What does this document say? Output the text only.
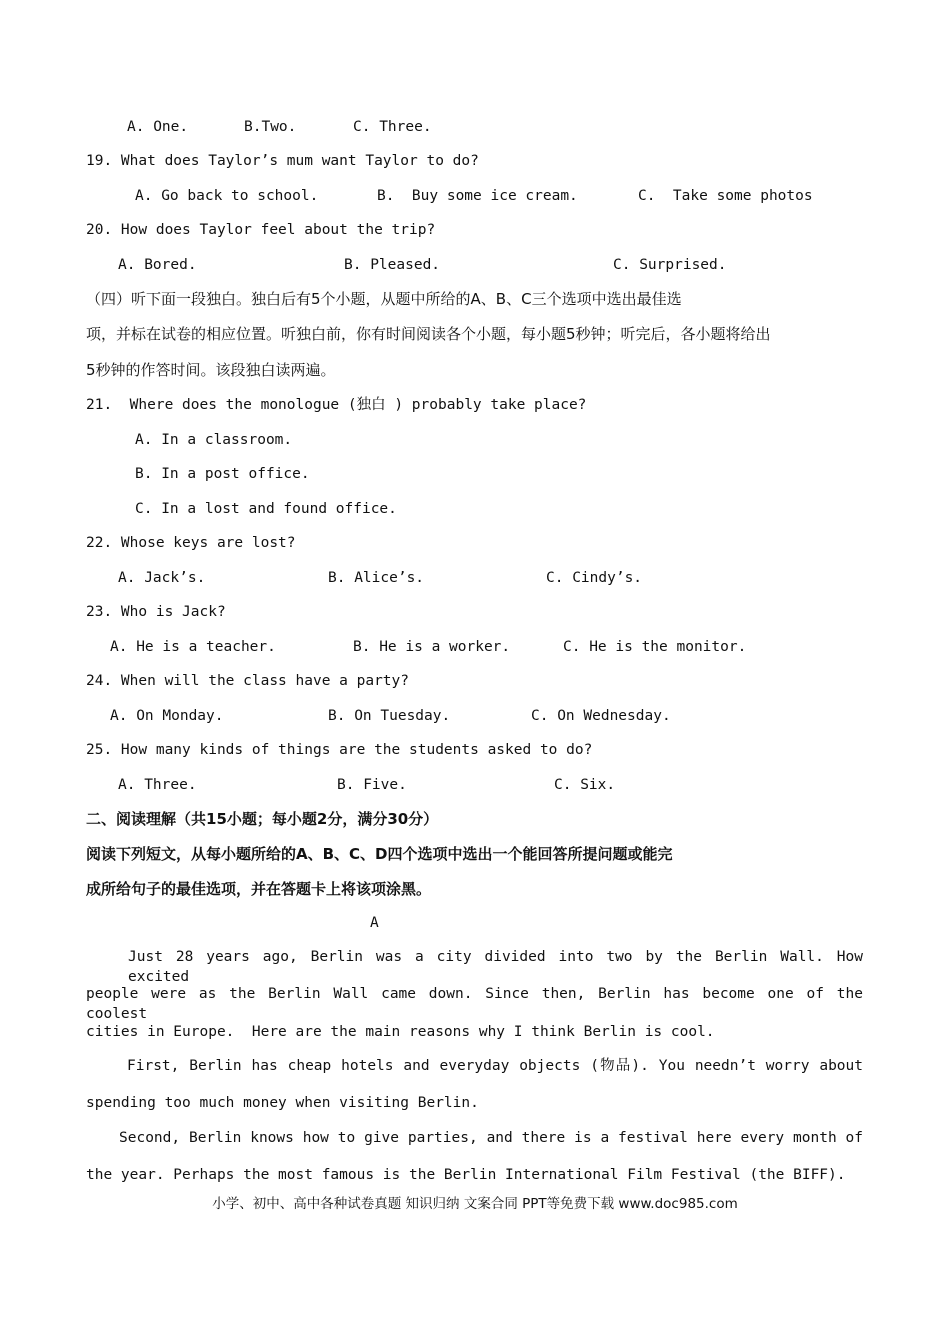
A. One.	B.Two.	C. Three.
19. What does Taylor’s mum want Taylor to do?
A. Go back to school.	B.  Buy some ice cream.	C.  Take some photos
20. How does Taylor feel about the trip?
A. Bored.	B. Pleased.	C. Surprised.
（四）听下面一段独白。独白后有5个小题，从题中所给的A、B、C三个选项中选出最佳选
项，并标在试卷的相应位置。听独白前，你有时间阅读各个小题，每小题5秒钟；听完后，各小题将给出
5秒钟的作答时间。该段独白读两遍。
21.  Where does the monologue (独白 ) probably take place?
A. In a classroom.
B. In a post office.
C. In a lost and found office.
22. Whose keys are lost?
A. Jack’s.	B. Alice’s.	C. Cindy’s.
23. Who is Jack?
A. He is a teacher.	B. He is a worker.	C. He is the monitor.
24. When will the class have a party?
A. On Monday.	B. On Tuesday.	C. On Wednesday.
25. How many kinds of things are the students asked to do?
A. Three.	B. Five.	C. Six.
二、阅读理解（共15小题；每小题2分，满分30分）
阅读下列短文，从每小题所给的A、B、C、D四个选项中选出一个能回答所提问题或能完
成所给句子的最佳选项，并在答题卡上将该项涂黑。
A
Just 28 years ago, Berlin was a city divided into two by the Berlin Wall. How excited
people were as the Berlin Wall came down. Since then, Berlin has become one of the coolest
cities in Europe.  Here are the main reasons why I think Berlin is cool.
First, Berlin has cheap hotels and everyday objects (物品). You needn’t worry about
spending too much money when visiting Berlin.
Second, Berlin knows how to give parties, and there is a festival here every month of
the year. Perhaps the most famous is the Berlin International Film Festival (the BIFF).
小学、初中、高中各种试卷真题 知识归纳 文案合同 PPT等免费下载 www.doc985.com
